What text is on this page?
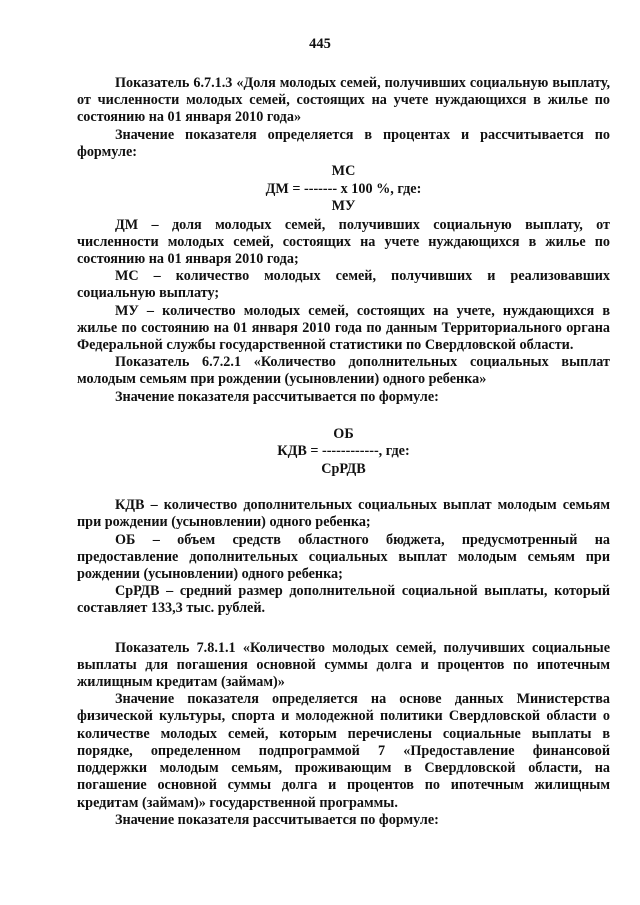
445

Показатель 6.7.1.3 «Доля молодых семей, получивших социальную выплату, от численности молодых семей, состоящих на учете нуждающихся в жилье по состоянию на 01 января 2010 года»

Значение показателя определяется в процентах и рассчитывается по формуле:

МС
ДМ = ------- х 100 %, где:
МУ

ДМ – доля молодых семей, получивших социальную выплату, от численности молодых семей, состоящих на учете нуждающихся в жилье по состоянию на 01 января 2010 года;

МС – количество молодых семей, получивших и реализовавших социальную выплату;

МУ – количество молодых семей, состоящих на учете, нуждающихся в жилье по состоянию на 01 января 2010 года по данным Территориального органа Федеральной службы государственной статистики по Свердловской области.

Показатель 6.7.2.1 «Количество дополнительных социальных выплат молодым семьям при рождении (усыновлении) одного ребенка»

Значение показателя рассчитывается по формуле:

ОБ
КДВ = ------------, где:
СрРДВ

КДВ – количество дополнительных социальных выплат молодым семьям при рождении (усыновлении) одного ребенка;

ОБ – объем средств областного бюджета, предусмотренный на предоставление дополнительных социальных выплат молодым семьям при рождении (усыновлении) одного ребенка;

СрРДВ – средний размер дополнительной социальной выплаты, который составляет 133,3 тыс. рублей.

Показатель 7.8.1.1 «Количество молодых семей, получивших социальные выплаты для погашения основной суммы долга и процентов по ипотечным жилищным кредитам (займам)»

Значение показателя определяется на основе данных Министерства физической культуры, спорта и молодежной политики Свердловской области о количестве молодых семей, которым перечислены социальные выплаты в порядке, определенном подпрограммой 7 «Предоставление финансовой поддержки молодым семьям, проживающим в Свердловской области, на погашение основной суммы долга и процентов по ипотечным жилищным кредитам (займам)» государственной программы.

Значение показателя рассчитывается по формуле:
